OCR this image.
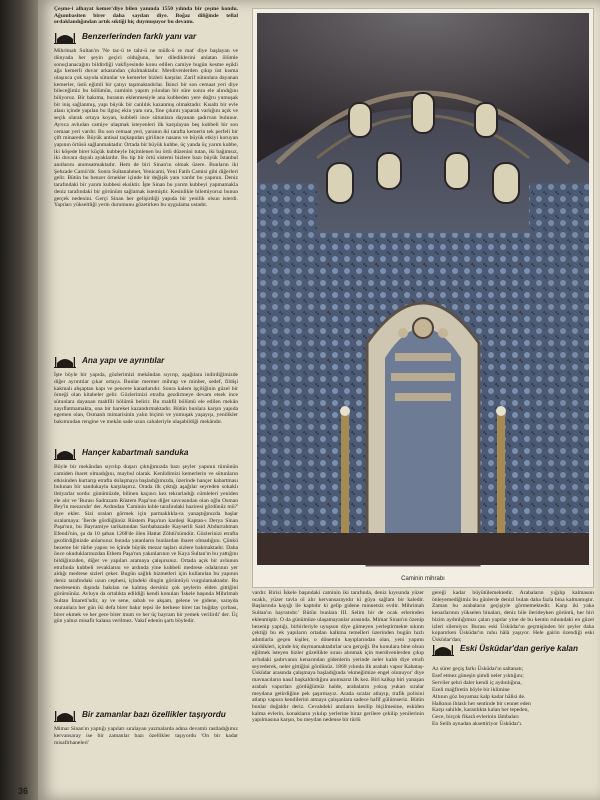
Çeşme-i alhayat kemer'diye bilen yanında 1550 yılında bir çeşme kondu. Ağumbasiten birer daha sayılan diye. Boğaz diliğinde tellal ordaklandığından artık sıktiği hiç duymuşuyor bu devamı.

Benzerlerinden farklı yanı var

Mihrimah Sultan'ın 'Ne tac-ü te taht-ü ne mülk-ü re mat' diye başlayan ve dünyada her şeyin geçici olduğunu, her dilediklerini anlatan ölümle sonuçlanacağını bildirdiği vakfiyesinde konu edilen camiye bugün kesme eşikli ağa kemerli duvar arkasından çıkılmaktadır. Merdivenlerden çıkıp üst kısma ulaşınca çok sayıda sütunlar ve kemerler bizleri karşılar. Zarif sütunlara dayanan kemerler, üstü eğimli bir çatıyı taşımaktadırlar. İkinci bir son cemaat yeri diye bileceğimiz bu bölümün, caminin yapım yılından bir süre sonra ele alındığını biliyoruz. Bir bakıma, buranın eklenmesiyle ana kubbeden yere doğru yumuşak bir iniş sağlanmış, yapı büyük bir canlılık kazanmış olmaktadır. Kısaltı bir evle alanı içinde yapılan bu ilginç ekin yanı sıra, fine çıkıntı yaparak varlığını açık ve seçik olarak ortaya koyan, kubbeli ince sütunlara dayanan şadırvan bulunur. Ayrıca avludan camiye ulaşmak isteyenleri ilk karşılayan beş kubbeli bir son cemaat yeri vardır. Bu son cemaat yeri, yaranın iki tarafta kemerin tek perfeli bir çift minarede. Büyük antisal taçkapıdan girilince nasans ve büyük etkiyi koruyan yapının örtüsü sağlanmaktadır. Ortada bir büyük kubbe, üç yanda üç yarım kubbe, iki köşede birer küçük kubbeyle biçimlenen bu örtü düzenini tutan, iki bağımsız, iki duvara dayalı ayaklardır. Bu tip bir örtü sistemi bizlere bazı büyük İstanbul anıtlarını anımsatmaktadır. Hem de biri Sinan'ın olmak üzere. Bunların iki Şehzade Camii'dir. Sonra Sultanahmet, Yenicami, Yeni Fatih Camisi gibi diğerleri gelir. Bütün bu benzer örnekler içinde bir değişik yanı vardır bu yapının. Deniz tarafındaki bir yarım kubbesi eksiktir. İşte Sinan bu yarım kubbeyi yapmamakla deniz tarafındaki bir görünüm sağlamak istemiştir. Kesinlikle bilemiyoruz bunun gerçek nedenini. Gerçi Sinan her gelişirdiği yapıda bir yenilik olsun isterdi. Yapıları yükseltliği yerin durumunu gözetirken bu uygulama ustadır.

Ana yapı ve ayrıntılar

İşte böyle bir yapıda, gözlerimizi mekândan sıyırıp, aşağılara indirdiğimizde diğer ayrıntılar çıkar ortaya. Bunlar mermer mihrap ve minber, sedef, fildişi kakmalı ahşaptan kapı ve pencere kanatlarıdır. Sonra kalem işçiliğinin güzel bir örneği olan kitabeler gelir. Gözlerimizi etrafta gezdirmeye devam etsek ince sütunlara dayanan mahfili bölümü belirir. Bu mahfil bölümü ele edilen mekân zayıflatmamakta, ona bir hareket kazandırmaktadır. Bütün bunlara karşın yapıda egemen olan, Osmanlı mimarisinin yalın biçimi ve yumuşak yaşayışı, yenilikler bakımından rengine ve mekân sade uzun cahaleriyle ulaşabildiği mekândır.

Hançer kabartmalı sanduka

Böyle bir mekândan sıyrılıp duşarı çıktığımızda bazı şeyler yapının tümünün camiden ibaret olmadığını, maybul olarak. Kenlidimizi kemerlerin ve sütunların etkisinden kurtarıp etrafta dolaşmaya başladığımızda, üzerinde hançer kabartması bulunan bir sandukayla karşılaşırız. Orada ilk çıktığı aşağılar seyreden sokaklı ihtiyarlar sordu: günümüzde, bilinen kaçıncı kez tekrarladığı cümleleri yeniden ele alır ve 'Burası Sadrazam Rüstem Paşa'nın diğer savcısından olan oğlu Osman Bey'in mezarıdır' der. Ardından 'Caminin kıble tarafındaki haziresi gördünüz mü?' diye ekler. Sizi oraları görmek için parmaklıkla-ra yanaştığınızda başlar sıralamaya: 'İlerde gördüğünüz Rüstem Paşa'nın kardeşi Kaptan-ı Derya Sinan Paşa'nın, bu Bayramiye tarikatından Sarıbabazade Kayserili Said Abdurrahman Efendi'nin, şu da 10 şaban 1268'de ölen Hattat Zöhtü'sümdür. Gözlerinizi etrafta gezdirdiğinizde anlarsınız burada yatanların bunlardan ibaret olmadığını. Çünkü bezeme bir türbe yapısı ve içinde büyük mezar taşları sizlere bakmaktadır. Daha önce okuduklarınızdan Ethem Paşa'nın yakınlarının ve Kaya Sultan'ın bu yattığını bildiğinizden, diğer ve yapıları aramaya çalışırsınız. Ortada açık bir avlunun etrafında kubbeli revaklarını ve ardında yine kubbeli medrese odalarının yer aldığı medrese sizleri çeker. Bugün sağlık hizmetleri için kullanılan bu yapının deniz tarafındaki uzun cephesi, içindeki dingin görüntüyü vurgulamaktadır. Bu medresenin dışında bakılan ne kalmış dersiniz çok şeylerin elden gittiğini görürsünüz. Avluyu da ortalıkta edildiği kendi konulan 'İskele başında Mihrimah Sultan İmareti'ndir, ay ve sene, sabah ve akşam, gelene ve gidene, sarayda oturanlara her gün iki defa birer bakır tepsi ile herkese birer tas buğday çorbası, birer ekmek ve her gece birer mum ve her üç bayram bir yemek verilirdi' der. Üç gün yalnız misafir kalana verilmez. Vakıf edenin şartı böyledir.

Bir zamanlar bazı özellikler taşıyordu

Mimar Sinan'ın yaptığı yapıları sıralayan yazmalarda adına devamlı rastladığımız kervansaray ise bir zamanlar bazı özellikler taşıyordu 'On bir kadar misafirhaneleri'

Caminin mihrabı

vardır. Birisi İskele başındaki caminin iki tarafında, deniz kıyısında yüzer ocaklı, yüzer tavla ol alır kervansarayıdır ki güya sağlam bir kaledir. Başlarında kayığı ile kaptıdır ki gelip gidene minnetsiz evdir. Mihrimah Sultan'ın hayratıdır.' Bütün bunlara III. Selim bir de ocak erlerinden eklenmiştir. O da günümüze ulaşamayanlar arasında. Mimar Sinan'ın özenip bezenip yaptığı, birbirleriyle uyuşsun diye gümeyen yerleştirmekte sıkıntı çektiği bu ek yapıların ortadan kalkma temelleri üzerinden bugün hızlı adımlarla geçen kişiler, o dönemin kayıplarından olan, yeni yapımı sürdükleri, içinde hiç duymamaktadırlar ucu gerçeği. Bu konulara bine olsun eğilmek isteyen bizler güzellikte sırası alınmak için merdivenlerden çıkıp avludaki şadırvanın kenarından gidenlerin yerinde neler kaldı diye etrafı seyrederek, neler gittiğini gördünüz. 1868 yılında ilk arabalı vapur Kabataş-Üsküdar arasında çalışmaya başladığında 'ekmeğimize engel olunuyor' diye mavnacıların nasıl başkaldırdığını anımsarız ilk kez. Biri kalkıp biri yanaşan arabalı vapurları gördüğümüz halde, arabaların yokuş yukarı sıralar meydana getirdiğine pek şaşırmayız. Arada sıralar atlayıp, trafik polisini atlatıp vapura kendilerini atmaya çalışanlara sadece hafif gülümseriz. Bütün bunlar doğaldır deriz. Cevahdeki anıtların kesilip biçilmesine, eskiden kalma evlerin, konakların yıkılıp yerlerine biraz gerilere çekilip yenilerinin yapılmasına karşın, bu meydan nedense bir türlü

gereği kadar büyütülemektedir. Arabaların yığılıp kalmasını önleyemediğimiz bu günlerde denizi bulan daha fazla bina kalmamıştır. Zaman bu arabaların geçişiyle görmemektedir. Karşı iki yaka kenarlarının yükselen binaları, deniz bile ilerideyken görüntü, her biri bizim aydınlığımızı çalan yapılar yine de bu kentin ruhundaki en güzel izleri silemiyor. Burası eski Üsküdar'ın geçmişinden bir şeyler daha koparırken Üsküdar'ın ruhu hâlâ yaşıyor. Hele gairin özendiği eski Üsküdar'dan;

Eski Üsküdar'dan geriye kalan

Az sürer geçiş farkı Üsküdar'ın saltanatı;

Esef etmez güneşin şimdi neler yıktığını;

Serviler şehri daler kendi iç aydınlığına,

Ezeli mağfiretin böyle bir iklimine

Altının göz boyamaz kalp kadar hâlisi de.

Halkının ihlaslı her sentinde bir cennet eden

Karşı sahilde, karanlıkta kalan her tepeden,

Gece, birçok fikarâ evlerinin lâmbaları

En Selih aynadan aksettiriyor Üsküdar'ı.

36
